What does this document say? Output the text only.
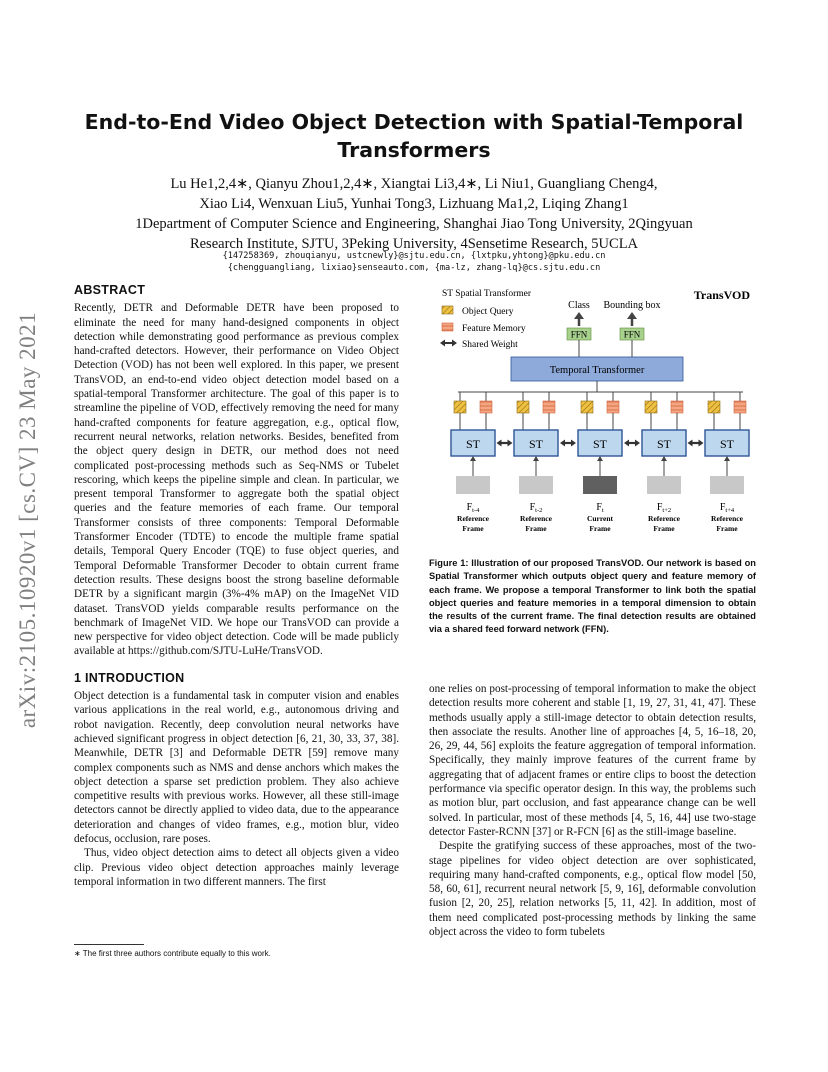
arXiv:2105.10920v1 [cs.CV] 23 May 2021
End-to-End Video Object Detection with Spatial-Temporal
Transformers
Lu He1,2,4∗, Qianyu Zhou1,2,4∗, Xiangtai Li3,4∗, Li Niu1, Guangliang Cheng4,
Xiao Li4, Wenxuan Liu5, Yunhai Tong3, Lizhuang Ma1,2, Liqing Zhang1
1Department of Computer Science and Engineering, Shanghai Jiao Tong University, 2Qingyuan
Research Institute, SJTU, 3Peking University, 4Sensetime Research, 5UCLA
{147258369, zhouqianyu, ustcnewly}@sjtu.edu.cn, {lxtpku,yhtong}@pku.edu.cn
{chengguangliang, lixiao}senseauto.com, {ma-lz, zhang-lq}@cs.sjtu.edu.cn
ABSTRACT

Recently, DETR and Deformable DETR have been proposed to eliminate the need for many hand-designed components in object detection while demonstrating good performance as previous complex hand-crafted detectors. However, their performance on Video Object Detection (VOD) has not been well explored. In this paper, we present TransVOD, an end-to-end video object detection model based on a spatial-temporal Transformer architecture. The goal of this paper is to streamline the pipeline of VOD, effectively removing the need for many hand-crafted components for feature aggregation, e.g., optical flow, recurrent neural networks, relation networks. Besides, benefited from the object query design in DETR, our method does not need complicated post-processing methods such as Seq-NMS or Tubelet rescoring, which keeps the pipeline simple and clean. In particular, we present temporal Transformer to aggregate both the spatial object queries and the feature memories of each frame. Our temporal Transformer consists of three components: Temporal Deformable Transformer Encoder (TDTE) to encode the multiple frame spatial details, Temporal Query Encoder (TQE) to fuse object queries, and Temporal Deformable Transformer Decoder to obtain current frame detection results. These designs boost the strong baseline deformable DETR by a significant margin (3%-4% mAP) on the ImageNet VID dataset. TransVOD yields comparable results performance on the benchmark of ImageNet VID. We hope our TransVOD can provide a new perspective for video object detection. Code will be made publicly available at https://github.com/SJTU-LuHe/TransVOD.

1 INTRODUCTION

Object detection is a fundamental task in computer vision and enables various applications in the real world, e.g., autonomous driving and robot navigation. Recently, deep convolution neural networks have achieved significant progress in object detection [6, 21, 30, 33, 37, 38]. Meanwhile, DETR [3] and Deformable DETR [59] remove many complex components such as NMS and dense anchors which makes the object detection a sparse set prediction problem. They also achieve competitive results with previous works. However, all these still-image detectors cannot be directly applied to video data, due to the appearance deterioration and changes of video frames, e.g., motion blur, video defocus, occlusion, rare poses.

Thus, video object detection aims to detect all objects given a video clip. Previous video object detection approaches mainly leverage temporal information in two different manners. The first

∗ The first three authors contribute equally to this work.
ST Spatial Transformer
Object Query
Feature Memory
Shared Weight
TransVOD
Class Bounding box
FFN	FFN
Temporal Transformer
ST	ST	ST	ST	ST
$F_{t-4}$
Reference
Frame
$F_{t-2}$
Reference
Frame
$F_t$
Current
Frame
$F_{t+2}$
Reference
Frame
$F_{t+4}$
Reference
Frame
Figure 1: Illustration of our proposed TransVOD. Our network is based on Spatial Transformer which outputs object query and feature memory of each frame. We propose a temporal Transformer to link both the spatial object queries and feature memories in a temporal dimension to obtain the results of the current frame. The final detection results are obtained via a shared feed forward network (FFN).

one relies on post-processing of temporal information to make the object detection results more coherent and stable [1, 19, 27, 31, 41, 47]. These methods usually apply a still-image detector to obtain detection results, then associate the results. Another line of approaches [4, 5, 16–18, 20, 26, 29, 44, 56] exploits the feature aggregation of temporal information. Specifically, they mainly improve features of the current frame by aggregating that of adjacent frames or entire clips to boost the detection performance via specific operator design. In this way, the problems such as motion blur, part occlusion, and fast appearance change can be well solved. In particular, most of these methods [4, 5, 16, 44] use two-stage detector Faster-RCNN [37] or R-FCN [6] as the still-image baseline.

Despite the gratifying success of these approaches, most of the two-stage pipelines for video object detection are over sophisticated, requiring many hand-crafted components, e.g., optical flow model [50, 58, 60, 61], recurrent neural network [5, 9, 16], deformable convolution fusion [2, 20, 25], relation networks [5, 11, 42]. In addition, most of them need complicated post-processing methods by linking the same object across the video to form tubelets
